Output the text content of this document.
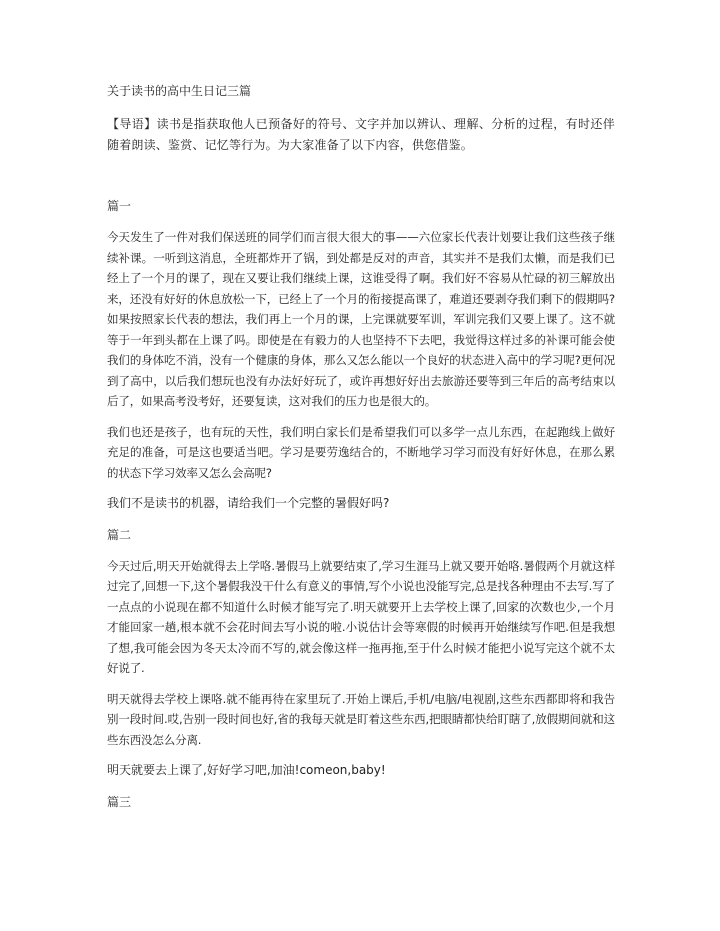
关于读书的高中生日记三篇

【导语】读书是指获取他人已预备好的符号、文字并加以辨认、理解、分析的过程，有时还伴随着朗读、鉴赏、记忆等行为。为大家准备了以下内容，供您借鉴。

篇一

今天发生了一件对我们保送班的同学们而言很大很大的事——六位家长代表计划要让我们这些孩子继续补课。一听到这消息，全班都炸开了锅，到处都是反对的声音，其实并不是我们太懒，而是我们已经上了一个月的课了，现在又要让我们继续上课，这谁受得了啊。我们好不容易从忙碌的初三解放出来，还没有好好的休息放松一下，已经上了一个月的衔接提高课了，难道还要剥夺我们剩下的假期吗?如果按照家长代表的想法，我们再上一个月的课，上完课就要军训，军训完我们又要上课了。这不就等于一年到头都在上课了吗。即使是在有毅力的人也坚持不下去吧，我觉得这样过多的补课可能会使我们的身体吃不消，没有一个健康的身体，那么又怎么能以一个良好的状态进入高中的学习呢?更何况到了高中，以后我们想玩也没有办法好好玩了，或许再想好好出去旅游还要等到三年后的高考结束以后了，如果高考没考好，还要复读，这对我们的压力也是很大的。

我们也还是孩子，也有玩的天性，我们明白家长们是希望我们可以多学一点儿东西，在起跑线上做好充足的准备，可是这也要适当吧。学习是要劳逸结合的，不断地学习学习而没有好好休息，在那么累的状态下学习效率又怎么会高呢?

我们不是读书的机器，请给我们一个完整的暑假好吗?

篇二

今天过后,明天开始就得去上学咯.暑假马上就要结束了,学习生涯马上就又要开始咯.暑假两个月就这样过完了,回想一下,这个暑假我没干什么有意义的事情,写个小说也没能写完,总是找各种理由不去写.写了一点点的小说现在都不知道什么时候才能写完了.明天就要开上去学校上课了,回家的次数也少,一个月才能回家一趟,根本就不会花时间去写小说的啦.小说估计会等寒假的时候再开始继续写作吧.但是我想了想,我可能会因为冬天太冷而不写的,就会像这样一拖再拖,至于什么时候才能把小说写完这个就不太好说了.

明天就得去学校上课咯.就不能再待在家里玩了.开始上课后,手机/电脑/电视剧,这些东西都即将和我告别一段时间.哎,告别一段时间也好,省的我每天就是盯着这些东西,把眼睛都快给盯瞎了,放假期间就和这些东西没怎么分离.

明天就要去上课了,好好学习吧,加油!comeon,baby!

篇三
